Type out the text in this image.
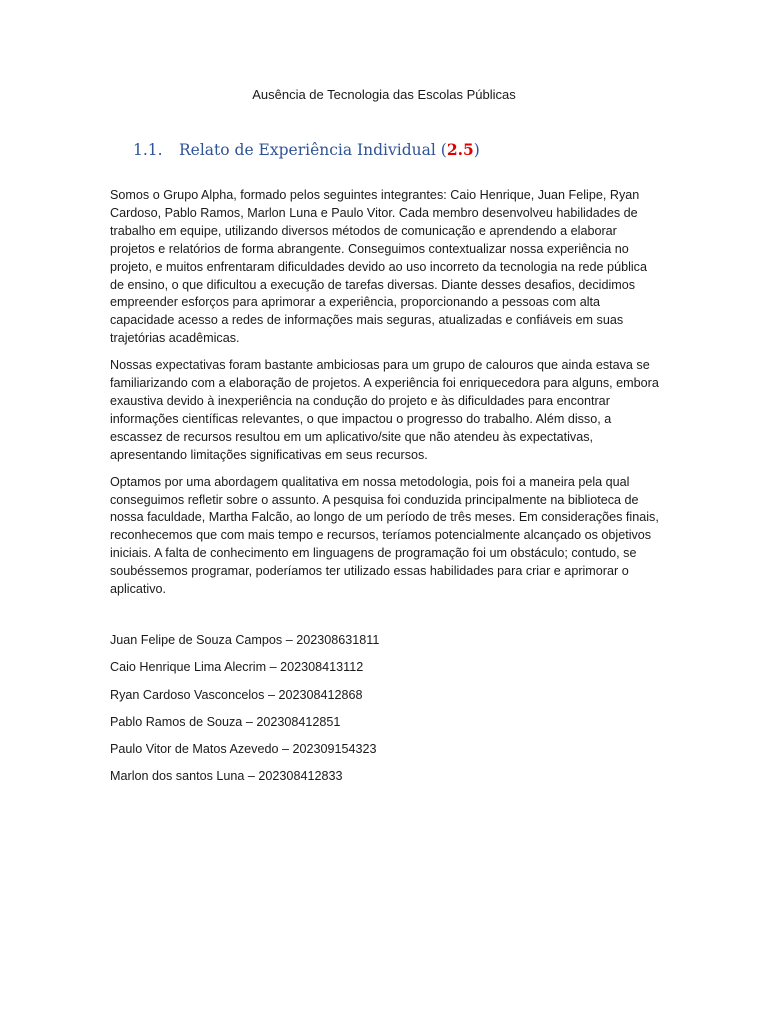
Ausência de Tecnologia das Escolas Públicas
1.1. Relato de Experiência Individual (2.5)

Somos o Grupo Alpha, formado pelos seguintes integrantes: Caio Henrique, Juan Felipe, Ryan Cardoso, Pablo Ramos, Marlon Luna e Paulo Vitor. Cada membro desenvolveu habilidades de trabalho em equipe, utilizando diversos métodos de comunicação e aprendendo a elaborar projetos e relatórios de forma abrangente. Conseguimos contextualizar nossa experiência no projeto, e muitos enfrentaram dificuldades devido ao uso incorreto da tecnologia na rede pública de ensino, o que dificultou a execução de tarefas diversas. Diante desses desafios, decidimos empreender esforços para aprimorar a experiência, proporcionando a pessoas com alta capacidade acesso a redes de informações mais seguras, atualizadas e confiáveis em suas trajetórias acadêmicas.

Nossas expectativas foram bastante ambiciosas para um grupo de calouros que ainda estava se familiarizando com a elaboração de projetos. A experiência foi enriquecedora para alguns, embora exaustiva devido à inexperiência na condução do projeto e às dificuldades para encontrar informações científicas relevantes, o que impactou o progresso do trabalho. Além disso, a escassez de recursos resultou em um aplicativo/site que não atendeu às expectativas, apresentando limitações significativas em seus recursos.

Optamos por uma abordagem qualitativa em nossa metodologia, pois foi a maneira pela qual conseguimos refletir sobre o assunto. A pesquisa foi conduzida principalmente na biblioteca de nossa faculdade, Martha Falcão, ao longo de um período de três meses. Em considerações finais, reconhecemos que com mais tempo e recursos, teríamos potencialmente alcançado os objetivos iniciais. A falta de conhecimento em linguagens de programação foi um obstáculo; contudo, se soubéssemos programar, poderíamos ter utilizado essas habilidades para criar e aprimorar o aplicativo.

Juan Felipe de Souza Campos – 202308631811
Caio Henrique Lima Alecrim – 202308413112
Ryan Cardoso Vasconcelos – 202308412868
Pablo Ramos de Souza – 202308412851
Paulo Vitor de Matos Azevedo – 202309154323
Marlon dos santos Luna – 202308412833
